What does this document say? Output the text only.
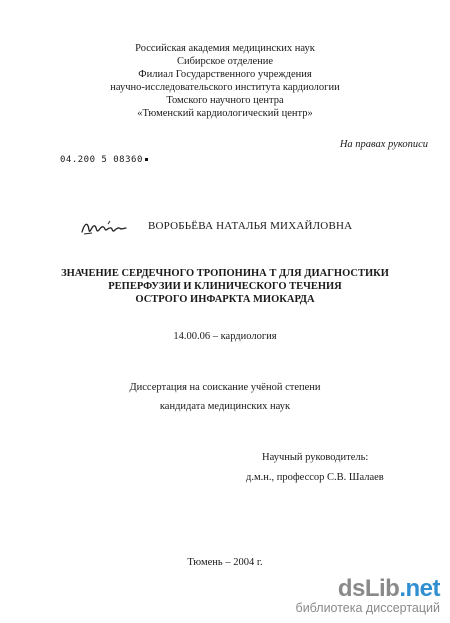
Российская академия медицинских наук
Сибирское отделение
Филиал Государственного учреждения
научно-исследовательского института кардиологии
Томского научного центра
«Тюменский кардиологический центр»
На правах рукописи
04.200 5 08360
ВОРОБЬЁВА НАТАЛЬЯ МИХАЙЛОВНА
ЗНАЧЕНИЕ СЕРДЕЧНОГО ТРОПОНИНА Т ДЛЯ ДИАГНОСТИКИ
РЕПЕРФУЗИИ И КЛИНИЧЕСКОГО ТЕЧЕНИЯ
ОСТРОГО ИНФАРКТА МИОКАРДА
14.00.06 – кардиология
Диссертация на соискание учёной степени
кандидата медицинских наук
Научный руководитель:
д.м.н., профессор С.В. Шалаев
Тюмень – 2004 г.
dsLib.net
библиотека диссертаций
